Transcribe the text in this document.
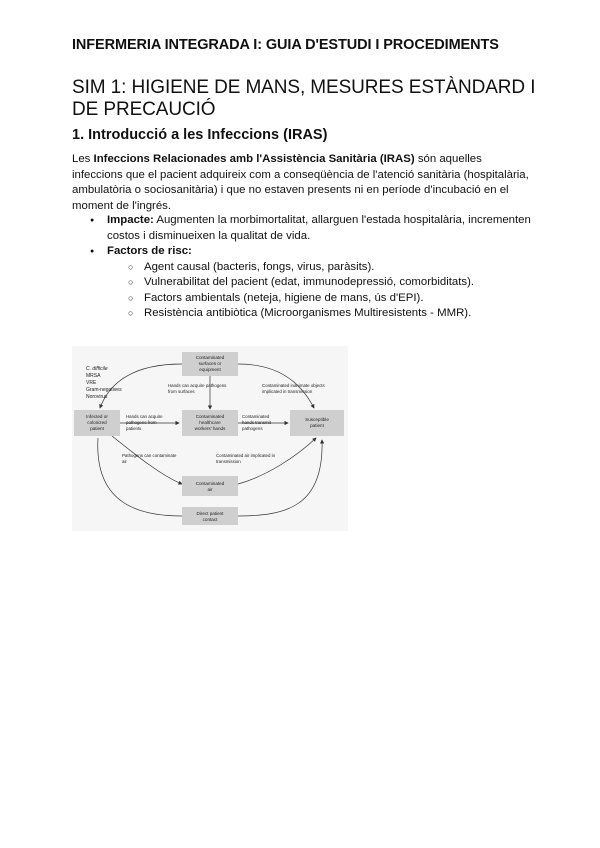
INFERMERIA INTEGRADA I: GUIA D'ESTUDI I PROCEDIMENTS
SIM 1: HIGIENE DE MANS, MESURES ESTÀNDARD I DE PRECAUCIÓ
1. Introducció a les Infeccions (IRAS)

Les Infeccions Relacionades amb l'Assistència Sanitària (IRAS) són aquelles infeccions que el pacient adquireix com a conseqüència de l'atenció sanitària (hospitalària, ambulatòria o sociosanitària) i que no estaven presents ni en període d'incubació en el moment de l'ingrés.

● Impacte: Augmenten la morbimortalitat, allarguen l'estada hospitalària, incrementen costos i disminueixen la qualitat de vida.
● Factors de risc:
○ Agent causal (bacteris, fongs, virus, paràsits).
○ Vulnerabilitat del pacient (edat, immunodepressió, comorbiditats).
○ Factors ambientals (neteja, higiene de mans, ús d'EPI).
○ Resistència antibiòtica (Microorganismes Multiresistents - MMR).
C. difficile
MRSA
VRE
Gram-negatives
Norovirus
Contaminated
surfaces or
equipment
Infected or
colonized
patient
Contaminated
healthcare
workers' hands
Susceptible
patient
Contaminated
air
Direct patient
contact
Hands can acquire pathogens
from surfaces
Contaminated inanimate objects
implicated in transmission
Hands can acquire
pathogens from
patients
Contaminated
hands transmit
pathogens
Pathogens can contaminate
air
Contaminated air implicated in
transmission
